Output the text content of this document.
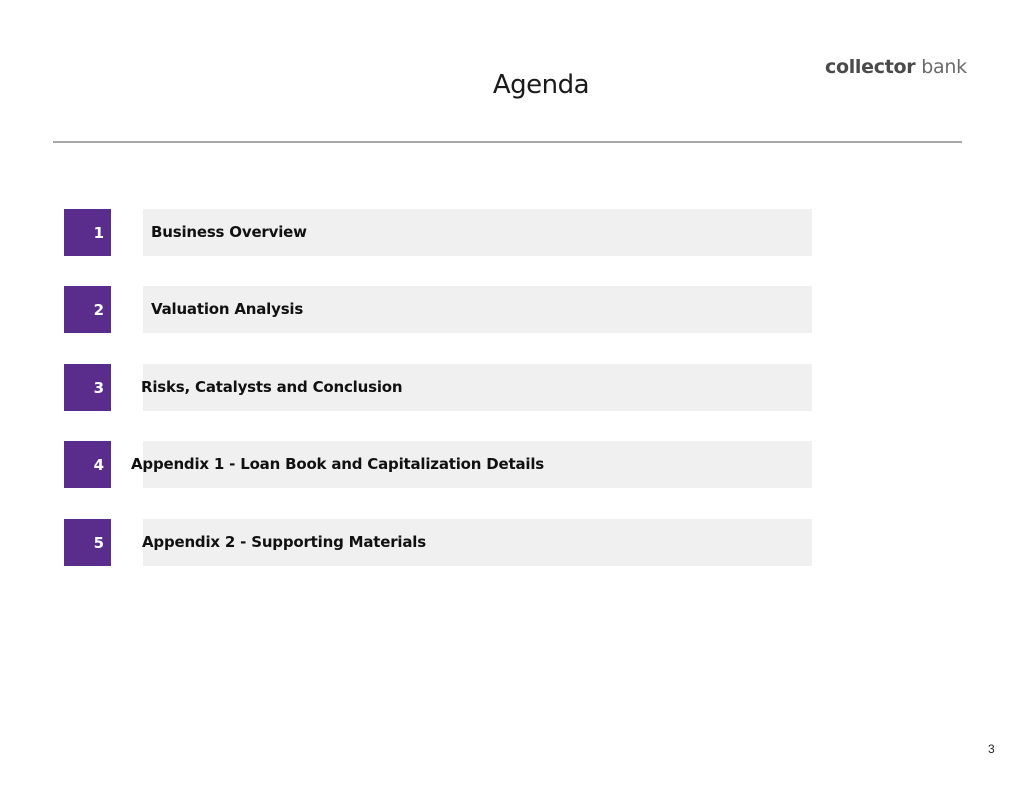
Agenda
collector bank
1	Business Overview
2	Valuation Analysis
3	Risks, Catalysts and Conclusion
4	Appendix 1 - Loan Book and Capitalization Details
5	Appendix 2 - Supporting Materials
3
